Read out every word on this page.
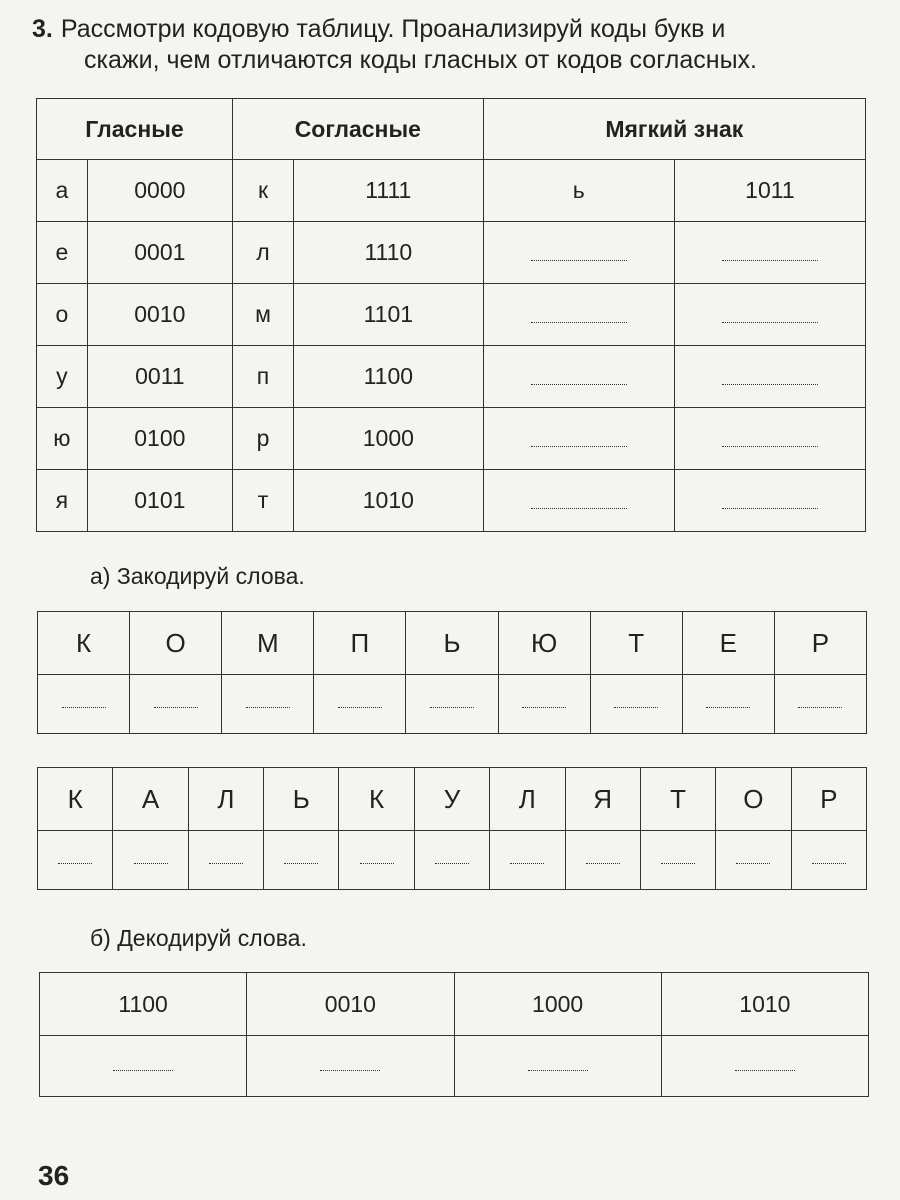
3. Рассмотри кодовую таблицу. Проанализируй коды букв и
скажи, чем отличаются коды гласных от кодов согласных.
Гласные		Согласные		Мягкий знак	
а	0000	к	1111	ь	1011
е	0001	л	1110		
о	0010	м	1101		
у	0011	п	1100		
ю	0100	р	1000		
я	0101	т	1010		
а) Закодируй слова.
К	О	М	П	Ь	Ю	Т	Е	Р

К	А	Л	Ь	К	У	Л	Я	Т	О	Р

б) Декодируй слова.
1100	0010	1000	1010

36
